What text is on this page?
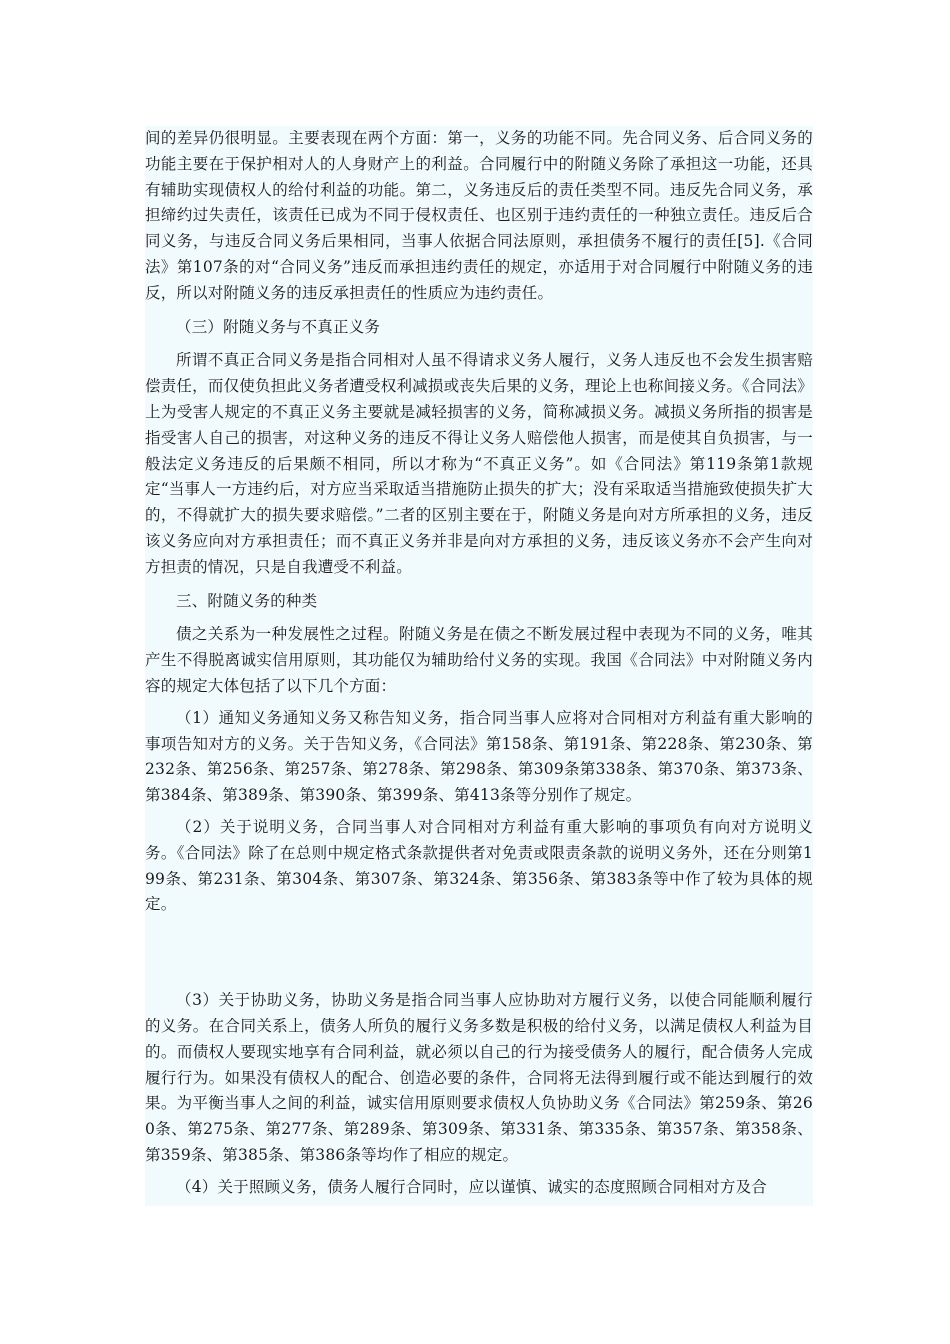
间的差异仍很明显。主要表现在两个方面：第一，义务的功能不同。先合同义务、后合同义务的功能主要在于保护相对人的人身财产上的利益。合同履行中的附随义务除了承担这一功能，还具有辅助实现债权人的给付利益的功能。第二，义务违反后的责任类型不同。违反先合同义务，承担缔约过失责任，该责任已成为不同于侵权责任、也区别于违约责任的一种独立责任。违反后合同义务，与违反合同义务后果相同，当事人依据合同法原则，承担债务不履行的责任[5].《合同法》第107条的对“合同义务”违反而承担违约责任的规定，亦适用于对合同履行中附随义务的违反，所以对附随义务的违反承担责任的性质应为违约责任。

（三）附随义务与不真正义务

所谓不真正合同义务是指合同相对人虽不得请求义务人履行，义务人违反也不会发生损害赔偿责任，而仅使负担此义务者遭受权利减损或丧失后果的义务，理论上也称间接义务。《合同法》上为受害人规定的不真正义务主要就是减轻损害的义务，简称减损义务。减损义务所指的损害是指受害人自己的损害，对这种义务的违反不得让义务人赔偿他人损害，而是使其自负损害，与一般法定义务违反的后果颇不相同，所以才称为“不真正义务”。如《合同法》第119条第1款规定“当事人一方违约后，对方应当采取适当措施防止损失的扩大；没有采取适当措施致使损失扩大的，不得就扩大的损失要求赔偿。”二者的区别主要在于，附随义务是向对方所承担的义务，违反该义务应向对方承担责任；而不真正义务并非是向对方承担的义务，违反该义务亦不会产生向对方担责的情况，只是自我遭受不利益。

三、附随义务的种类

债之关系为一种发展性之过程。附随义务是在债之不断发展过程中表现为不同的义务，唯其产生不得脱离诚实信用原则，其功能仅为辅助给付义务的实现。我国《合同法》中对附随义务内容的规定大体包括了以下几个方面：

（1）通知义务通知义务又称告知义务，指合同当事人应将对合同相对方利益有重大影响的事项告知对方的义务。关于告知义务，《合同法》第158条、第191条、第228条、第230条、第232条、第256条、第257条、第278条、第298条、第309条第338条、第370条、第373条、第384条、第389条、第390条、第399条、第413条等分别作了规定。

（2）关于说明义务，合同当事人对合同相对方利益有重大影响的事项负有向对方说明义务。《合同法》除了在总则中规定格式条款提供者对免责或限责条款的说明义务外，还在分则第199条、第231条、第304条、第307条、第324条、第356条、第383条等中作了较为具体的规定。

（3）关于协助义务，协助义务是指合同当事人应协助对方履行义务，以使合同能顺利履行的义务。在合同关系上，债务人所负的履行义务多数是积极的给付义务，以满足债权人利益为目的。而债权人要现实地享有合同利益，就必须以自己的行为接受债务人的履行，配合债务人完成履行行为。如果没有债权人的配合、创造必要的条件，合同将无法得到履行或不能达到履行的效果。为平衡当事人之间的利益，诚实信用原则要求债权人负协助义务《合同法》第259条、第260条、第275条、第277条、第289条、第309条、第331条、第335条、第357条、第358条、第359条、第385条、第386条等均作了相应的规定。

（4）关于照顾义务，债务人履行合同时，应以谨慎、诚实的态度照顾合同相对方及合
